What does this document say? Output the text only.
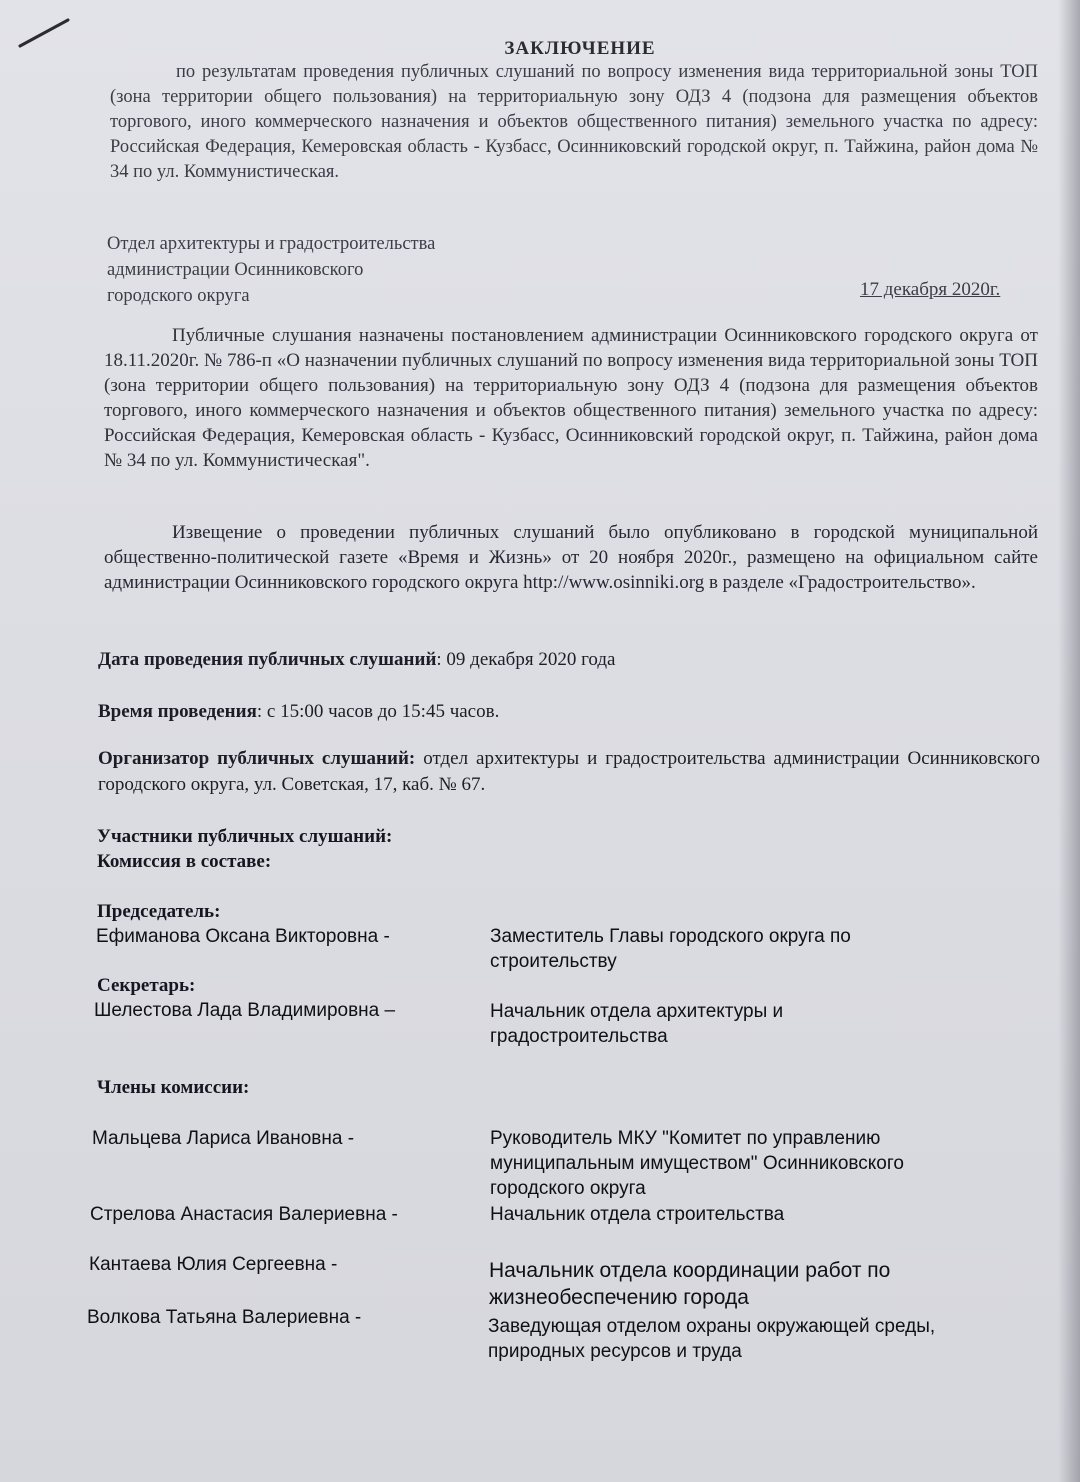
ЗАКЛЮЧЕНИЕ
по результатам проведения публичных слушаний по вопросу изменения вида территориальной зоны ТОП (зона территории общего пользования) на территориальную зону ОДЗ 4 (подзона для размещения объектов торгового, иного коммерческого назначения и объектов общественного питания) земельного участка по адресу: Российская Федерация, Кемеровская область - Кузбасс, Осинниковский городской округ, п. Тайжина, район дома № 34 по ул. Коммунистическая.
Отдел архитектуры и градостроительства
администрации Осинниковского
городского округа	17 декабря 2020г.
Публичные слушания назначены постановлением администрации Осинниковского городского округа от 18.11.2020г. № 786-п «О назначении публичных слушаний по вопросу изменения вида территориальной зоны ТОП (зона территории общего пользования) на территориальную зону ОДЗ 4 (подзона для размещения объектов торгового, иного коммерческого назначения и объектов общественного питания) земельного участка по адресу: Российская Федерация, Кемеровская область - Кузбасс, Осинниковский городской округ, п. Тайжина, район дома № 34 по ул. Коммунистическая".
Извещение о проведении публичных слушаний было опубликовано в городской муниципальной общественно-политической газете «Время и Жизнь» от 20 ноября 2020г., размещено на официальном сайте администрации Осинниковского городского округа http://www.osinniki.org в разделе «Градостроительство».
Дата проведения публичных слушаний: 09 декабря 2020 года
Время проведения: с 15:00 часов до 15:45 часов.
Организатор публичных слушаний: отдел архитектуры и градостроительства администрации Осинниковского городского округа, ул. Советская, 17, каб. № 67.
Участники публичных слушаний:
Комиссия в составе:
Председатель:
Ефиманова Оксана Викторовна -	Заместитель Главы городского округа по
строительству
Секретарь:
Шелестова Лада Владимировна –	Начальник отдела архитектуры и
градостроительства
Члены комиссии:
Мальцева Лариса Ивановна -	Руководитель МКУ "Комитет по управлению
муниципальным имуществом" Осинниковского
городского округа
Стрелова Анастасия Валериевна -	Начальник отдела строительства
Кантаева Юлия Сергеевна -	Начальник отдела координации работ по
жизнеобеспечению города
Волкова Татьяна Валериевна -	Заведующая отделом охраны окружающей среды,
природных ресурсов и труда
